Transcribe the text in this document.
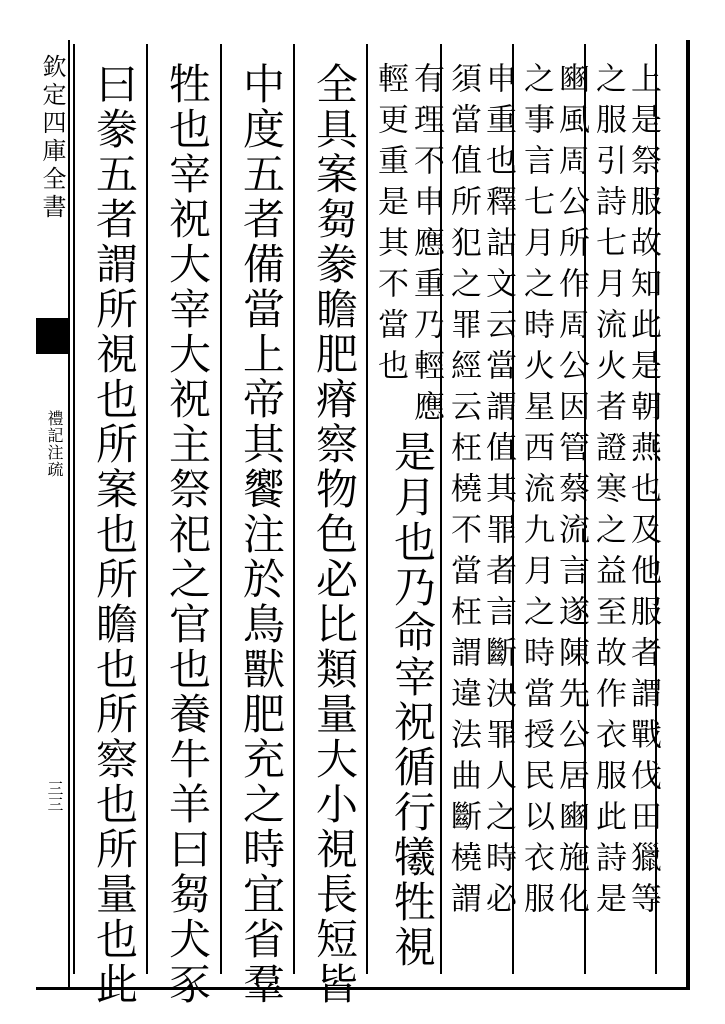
欽定四庫全書
禮記注疏
三三	上是祭服故知此是朝燕也及他服者謂戰伐田獵等
之服引詩七月流火者證寒之益至故作衣服此詩是
豳風周公所作周公因管蔡流言遂陳先公居豳施化
之事言七月之時火星西流九月之時當授民以衣服
申重也釋詁文云當謂值其罪者言斷決罪人之時必
須當值所犯之罪經云枉橈不當枉謂違法曲斷橈謂
有理不申應重乃輕應
輕更重是其不當也
是月也乃命宰祝循行犧牲視
全具案芻豢瞻肥瘠察物色必比類量大小視長短皆
中度五者備當上帝其饗注於鳥獸肥充之時宜省羣
牲也宰祝大宰大祝主祭祀之官也養牛羊曰芻犬豕
曰豢五者謂所視也所案也所瞻也所察也所量也此
